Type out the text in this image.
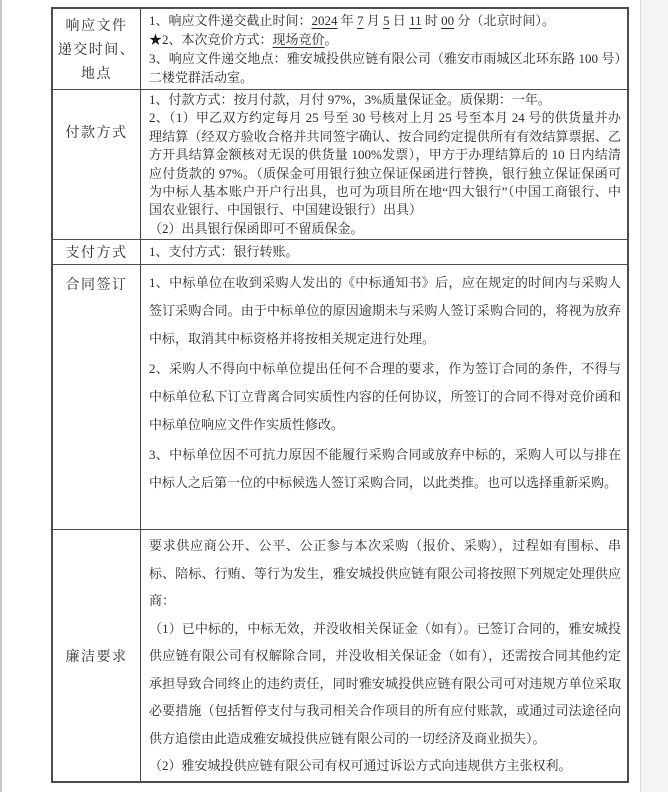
响应文件
递交时间、
地点

1、响应文件递交截止时间：2024 年 7 月 5 日 11 时 00 分（北京时间）。

★2、本次竞价方式：现场竞价。

3、响应文件递交地点：雅安城投供应链有限公司（雅安市雨城区北环东路 100 号）二楼党群活动室。

付款方式

1、付款方式：按月付款，月付 97%，3%质量保证金。质保期：一年。

2、（1）甲乙双方约定每月 25 号至 30 号核对上月 25 号至本月 24 号的供货量并办理结算（经双方验收合格并共同签字确认、按合同约定提供所有有效结算票据、乙方开具结算金额核对无误的供货量 100%发票），甲方于办理结算后的 10 日内结清应付货款的 97%。（质保金可用银行独立保证保函进行替换，银行独立保证保函可为中标人基本账户开户行出具，也可为项目所在地“四大银行”（中国工商银行、中国农业银行、中国银行、中国建设银行）出具）

（2）出具银行保函即可不留质保金。

支付方式 1、支付方式：银行转账。

合同签订 1、中标单位在收到采购人发出的《中标通知书》后，应在规定的时间内与采购人签订采购合同。由于中标单位的原因逾期未与采购人签订采购合同的，将视为放弃中标，取消其中标资格并将按相关规定进行处理。

2、采购人不得向中标单位提出任何不合理的要求，作为签订合同的条件，不得与中标单位私下订立背离合同实质性内容的任何协议，所签订的合同不得对竞价函和中标单位响应文件作实质性修改。

3、中标单位因不可抗力原因不能履行采购合同或放弃中标的，采购人可以与排在中标人之后第一位的中标候选人签订采购合同，以此类推。也可以选择重新采购。

廉洁要求

要求供应商公开、公平、公正参与本次采购（报价、采购），过程如有围标、串标、陪标、行贿、等行为发生，雅安城投供应链有限公司将按照下列规定处理供应商：

（1）已中标的，中标无效，并没收相关保证金（如有）。已签订合同的，雅安城投供应链有限公司有权解除合同，并没收相关保证金（如有），还需按合同其他约定承担导致合同终止的违约责任，同时雅安城投供应链有限公司可对违规方单位采取必要措施（包括暂停支付与我司相关合作项目的所有应付账款，或通过司法途径向供方追偿由此造成雅安城投供应链有限公司的一切经济及商业损失）。

（2）雅安城投供应链有限公司有权可通过诉讼方式向违规供方主张权利。
